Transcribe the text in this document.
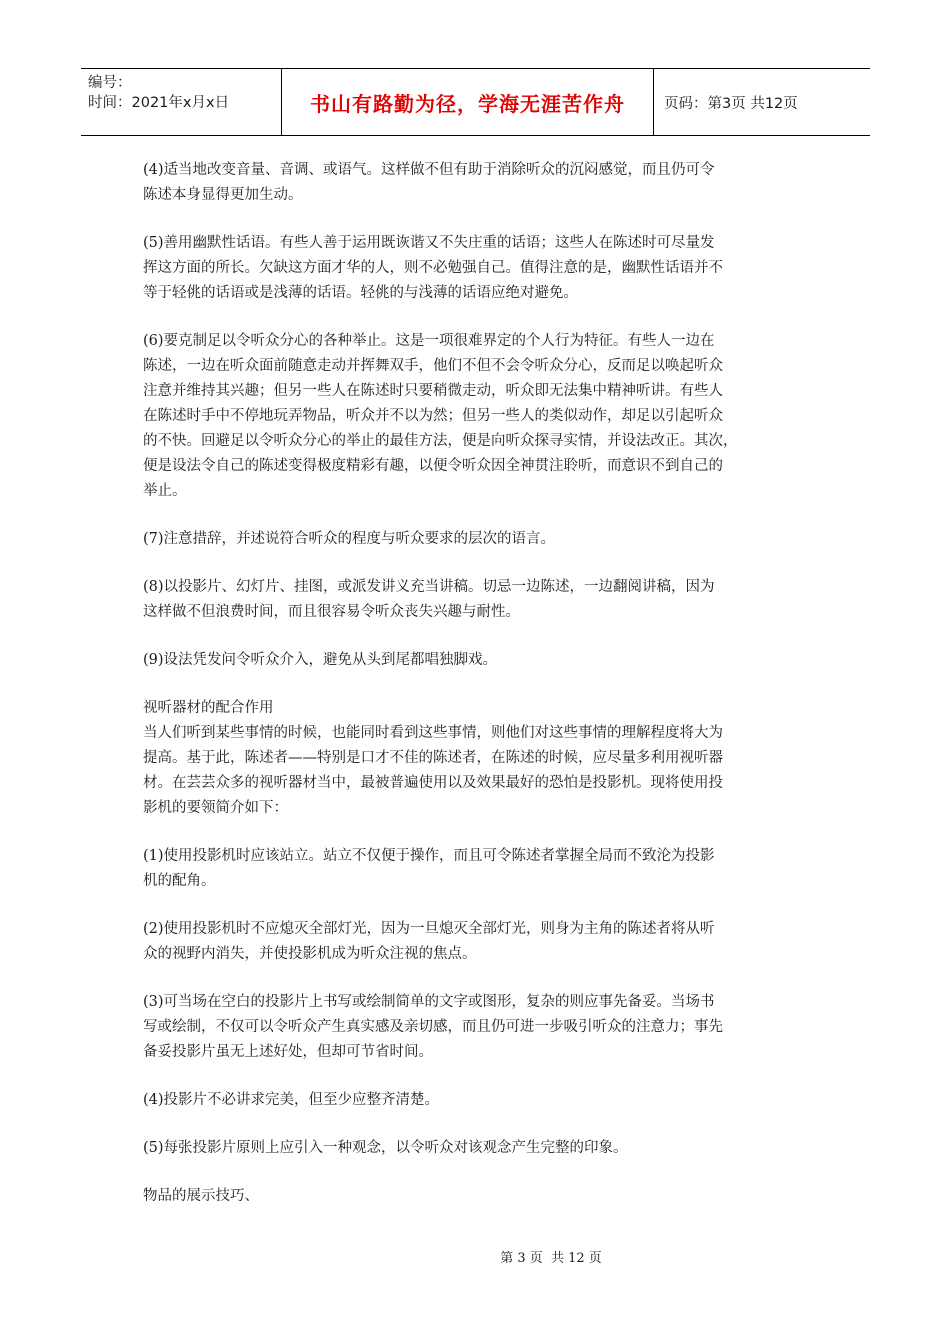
编号：
时间：2021年x月x日	书山有路勤为径，学海无涯苦作舟	页码：第3页 共12页

(4)适当地改变音量、音调、或语气。这样做不但有助于消除听众的沉闷感觉，而且仍可令
陈述本身显得更加生动。

(5)善用幽默性话语。有些人善于运用既诙谐又不失庄重的话语；这些人在陈述时可尽量发
挥这方面的所长。欠缺这方面才华的人，则不必勉强自己。值得注意的是，幽默性话语并不
等于轻佻的话语或是浅薄的话语。轻佻的与浅薄的话语应绝对避免。

(6)要克制足以令听众分心的各种举止。这是一项很难界定的个人行为特征。有些人一边在
陈述，一边在听众面前随意走动并挥舞双手，他们不但不会令听众分心，反而足以唤起听众
注意并维持其兴趣；但另一些人在陈述时只要稍微走动，听众即无法集中精神听讲。有些人
在陈述时手中不停地玩弄物品，听众并不以为然；但另一些人的类似动作，却足以引起听众
的不快。回避足以令听众分心的举止的最佳方法，便是向听众探寻实情，并设法改正。其次，
便是设法令自己的陈述变得极度精彩有趣，以便令听众因全神贯注聆听，而意识不到自己的
举止。

(7)注意措辞，并述说符合听众的程度与听众要求的层次的语言。

(8)以投影片、幻灯片、挂图，或派发讲义充当讲稿。切忌一边陈述，一边翻阅讲稿，因为
这样做不但浪费时间，而且很容易令听众丧失兴趣与耐性。

(9)设法凭发问令听众介入，避免从头到尾都唱独脚戏。

视听器材的配合作用

当人们听到某些事情的时候，也能同时看到这些事情，则他们对这些事情的理解程度将大为
提高。基于此，陈述者——特别是口才不佳的陈述者，在陈述的时候，应尽量多利用视听器
材。在芸芸众多的视听器材当中，最被普遍使用以及效果最好的恐怕是投影机。现将使用投
影机的要领简介如下：

(1)使用投影机时应该站立。站立不仅便于操作，而且可令陈述者掌握全局而不致沦为投影
机的配角。

(2)使用投影机时不应熄灭全部灯光，因为一旦熄灭全部灯光，则身为主角的陈述者将从听
众的视野内消失，并使投影机成为听众注视的焦点。

(3)可当场在空白的投影片上书写或绘制简单的文字或图形，复杂的则应事先备妥。当场书
写或绘制，不仅可以令听众产生真实感及亲切感，而且仍可进一步吸引听众的注意力；事先
备妥投影片虽无上述好处，但却可节省时间。

(4)投影片不必讲求完美，但至少应整齐清楚。

(5)每张投影片原则上应引入一种观念，以令听众对该观念产生完整的印象。

物品的展示技巧、

第 3 页  共 12 页
